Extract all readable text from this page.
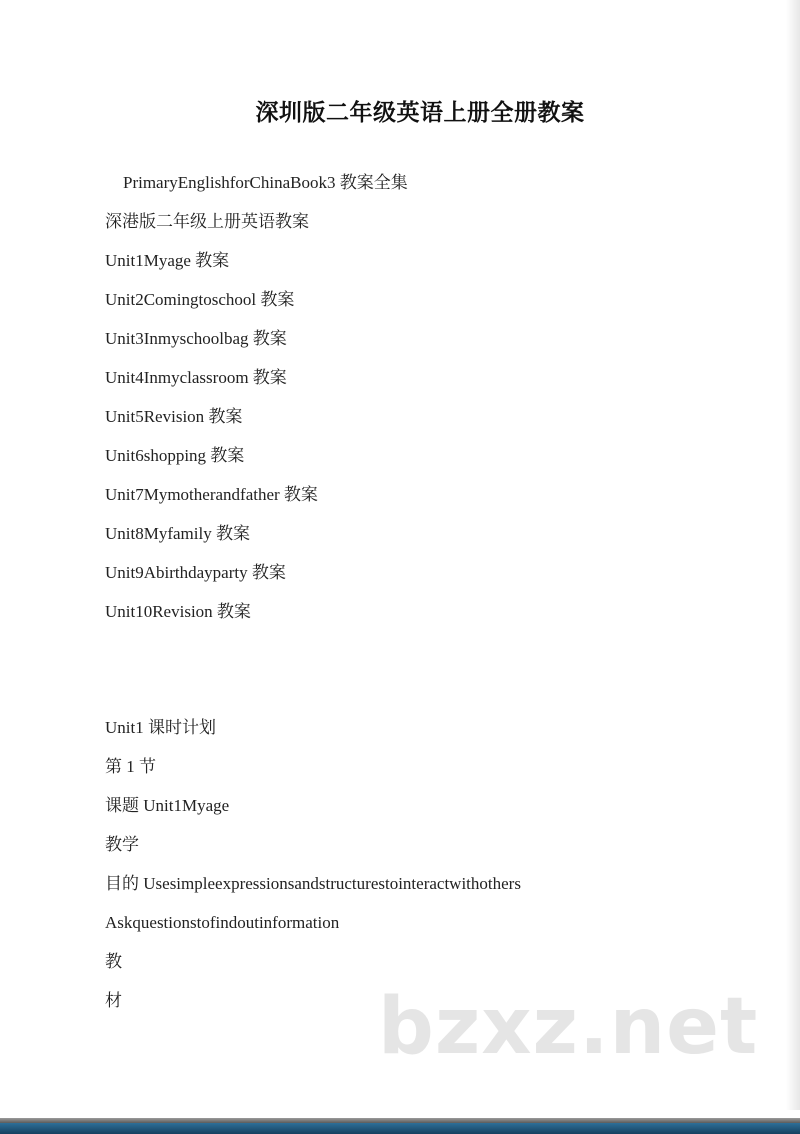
深圳版二年级英语上册全册教案
PrimaryEnglishforChinaBook3 教案全集
深港版二年级上册英语教案
Unit1Myage 教案
Unit2Comingtoschool 教案
Unit3Inmyschoolbag 教案
Unit4Inmyclassroom 教案
Unit5Revision 教案
Unit6shopping 教案
Unit7Mymotherandfather 教案
Unit8Myfamily 教案
Unit9Abirthdayparty 教案
Unit10Revision 教案
Unit1 课时计划
第 1 节
课题 Unit1Myage
教学
目的 Usesimpleexpressionsandstructurestointeractwithothers
Askquestionstofindoutinformation
教
材	bzxz.net
